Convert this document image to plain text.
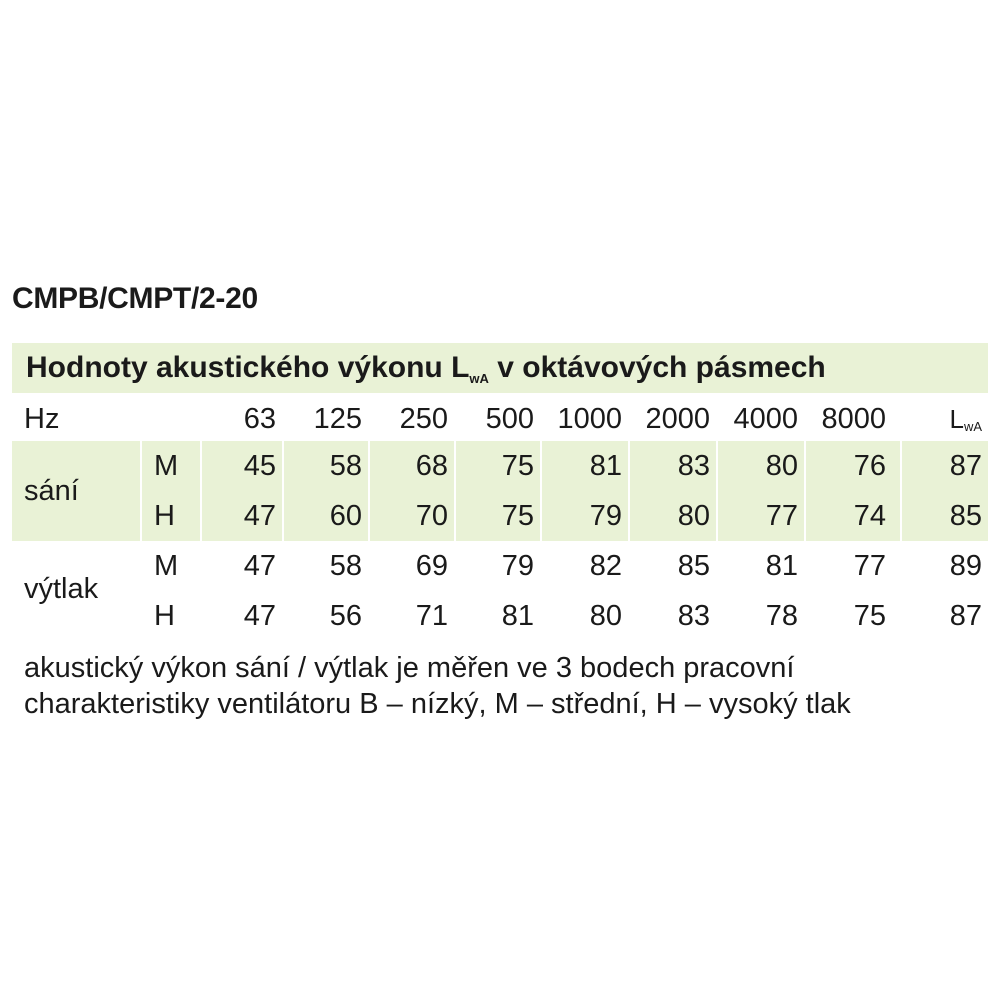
CMPB/CMPT/2-20
Hodnoty akustického výkonu $L_{wA}$ v oktávových pásmech
Hz	63	125	250	500 1000 2000 4000 8000 L wA
sání
M	45	58	68	75	81	83	80	76	87
H	47	60	70	75	79	80	77	74	85
výtlak
M	47	58	69	79	82	85	81	77	89
H	47	56	71	81	80	83	78	75	87
akustický výkon sání / výtlak je měřen ve 3 bodech pracovní
charakteristiky ventilátoru B – nízký, M – střední, H – vysoký tlak
